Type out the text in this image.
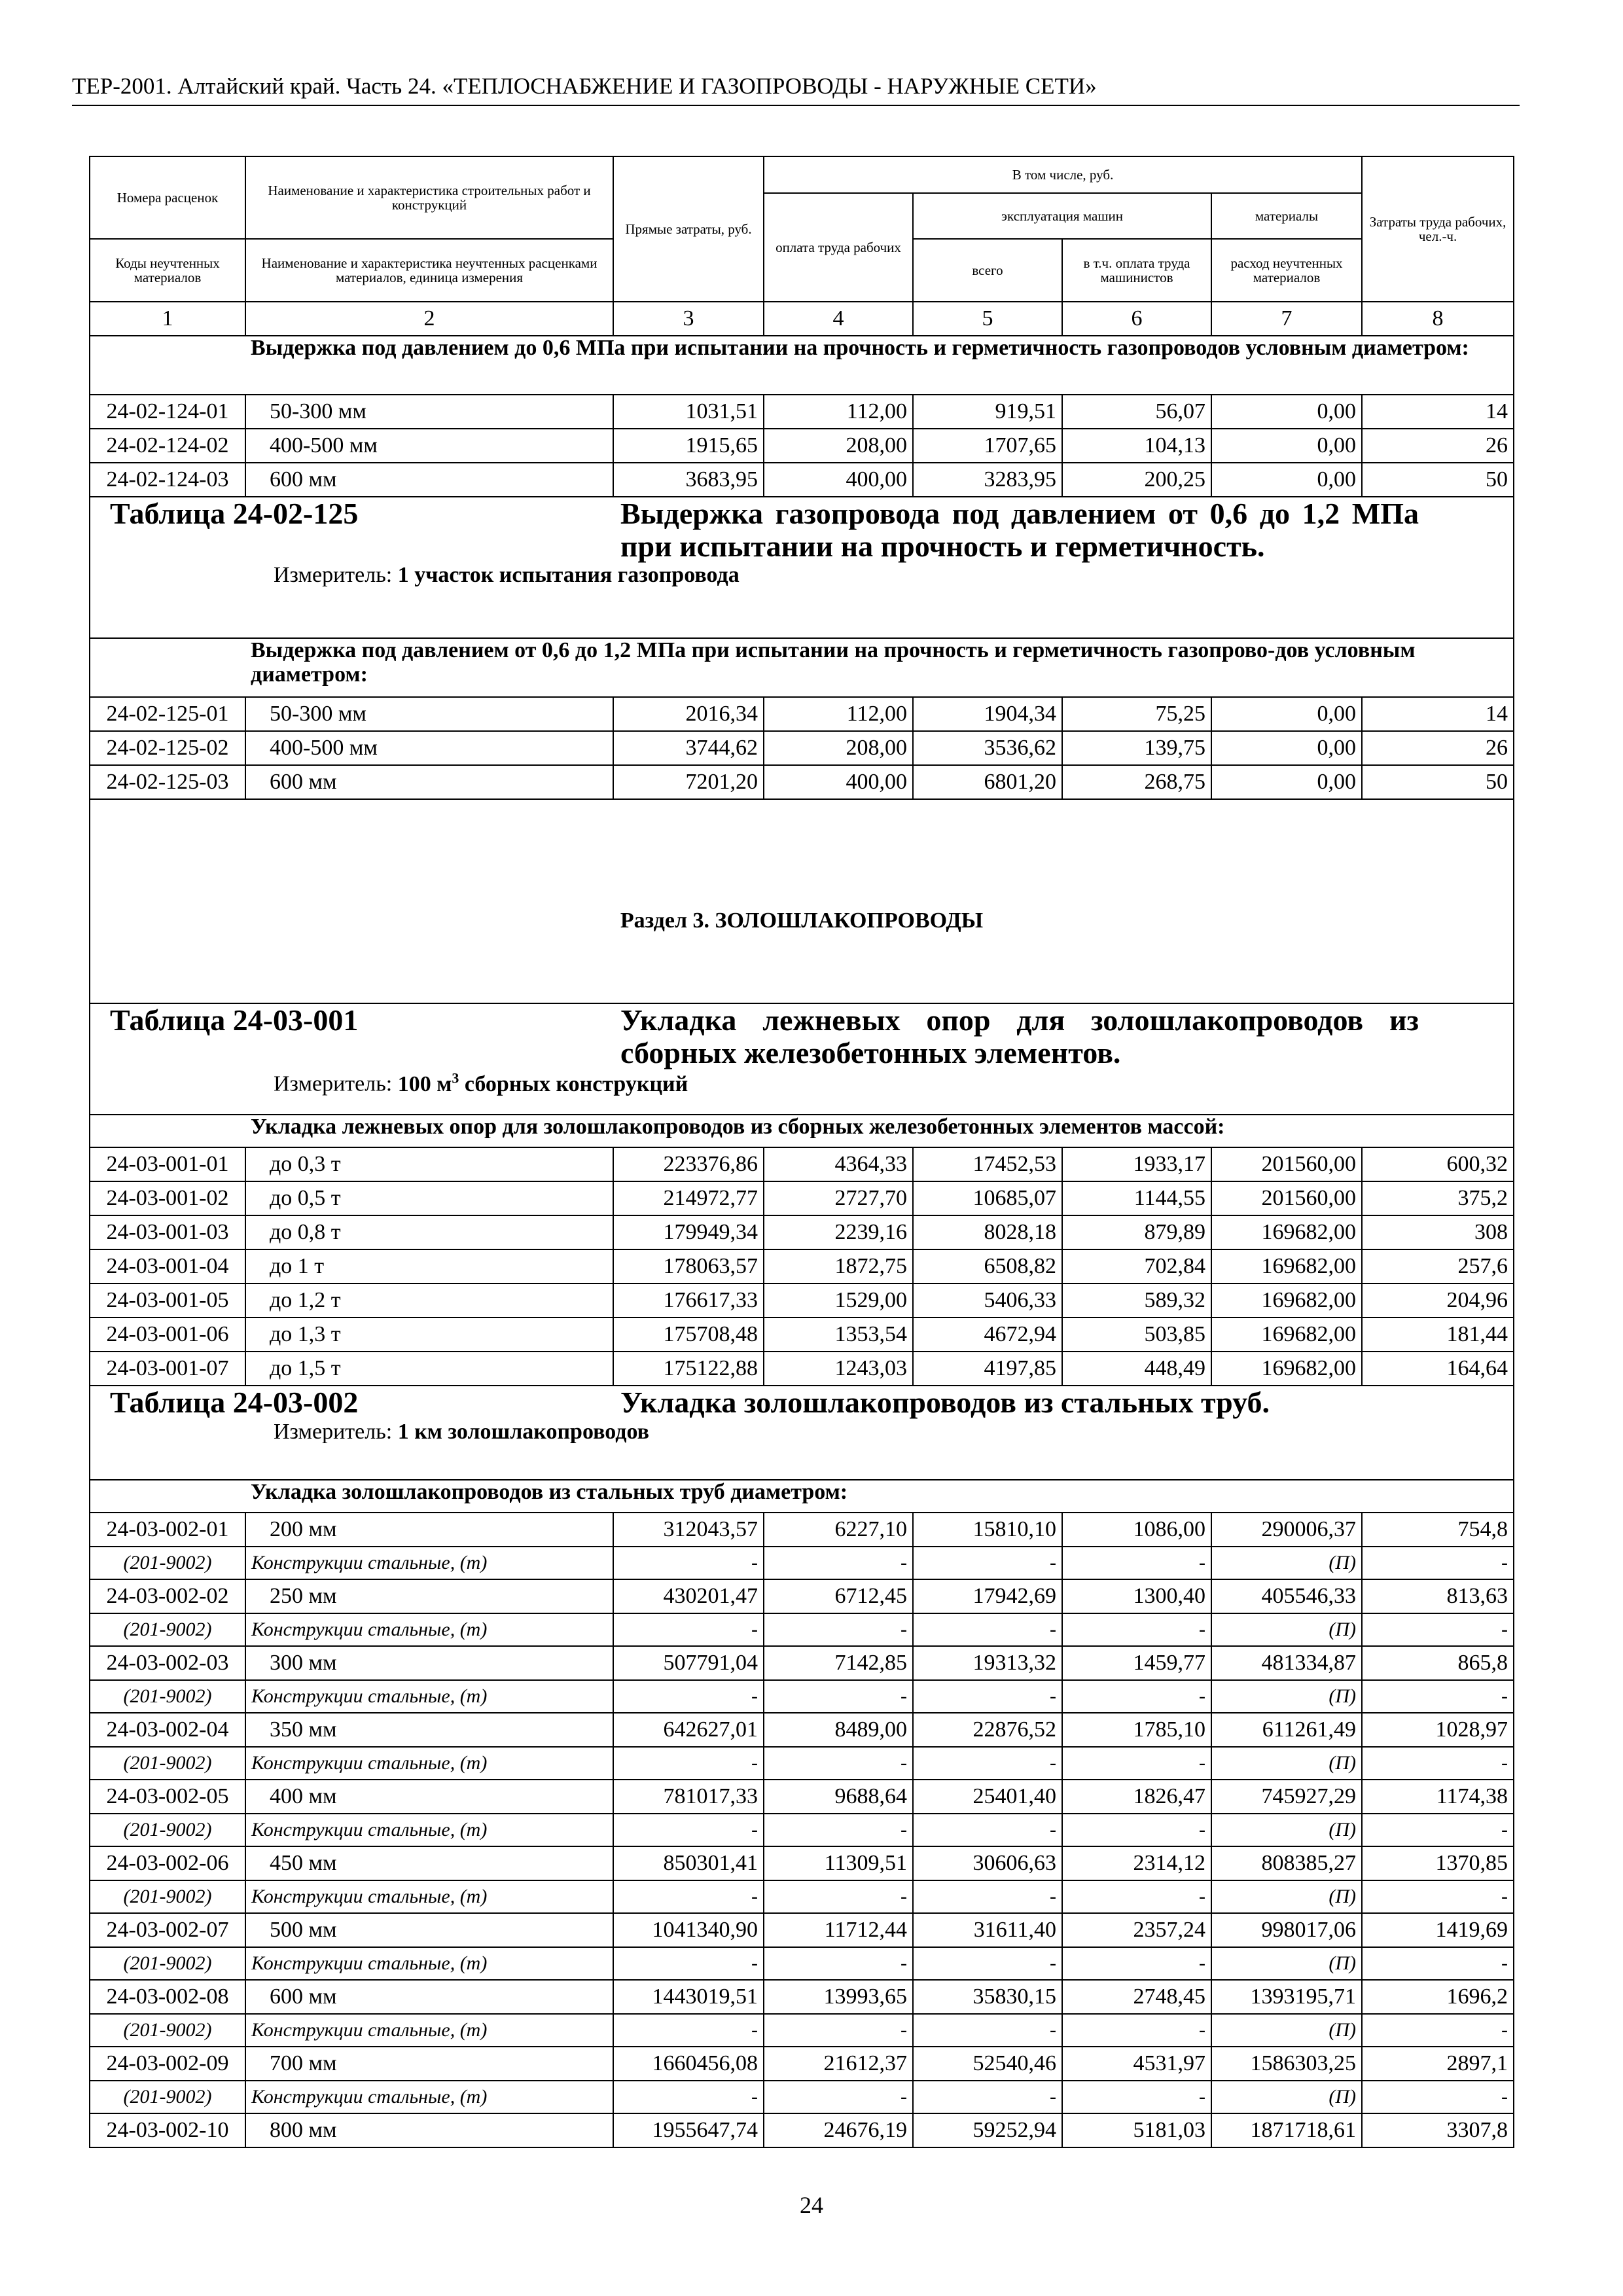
ТЕР-2001. Алтайский край. Часть 24. «ТЕПЛОСНАБЖЕНИЕ И ГАЗОПРОВОДЫ - НАРУЖНЫЕ СЕТИ»
Номера расценок	Наименование и характеристика строительных работ и конструкций	Прямые затраты, руб.	В том числе, руб.				Затраты труда рабочих, чел.-ч.
			оплата труда рабочих	эксплуатация машин		материалы	
Коды неучтенных материалов	Наименование и характеристика неучтенных расценками материалов, единица измерения			всего	в т.ч. оплата труда машинистов	расход неучтенных материалов	
1	2	3	4	5	6	7	8
	Выдержка под давлением до 0,6 МПа при испытании на прочность и герметичность газопроводов условным диаметром:						
24-02-124-01	50-300 мм	1031,51	112,00	919,51	56,07	0,00	14
24-02-124-02	400-500 мм	1915,65	208,00	1707,65	104,13	0,00	26
24-02-124-03	600 мм	3683,95	400,00	3283,95	200,25	0,00	50
Таблица 24-02-125 Выдержка газопровода под давлением от 0,6 до 1,2 МПа при испытании на прочность и герметичность.
Измеритель: 1 участок испытания газопровода							

	Выдержка под давлением от 0,6 до 1,2 МПа при испытании на прочность и герметичность газопрово-дов условным диаметром:						
24-02-125-01	50-300 мм	2016,34	112,00	1904,34	75,25	0,00	14
24-02-125-02	400-500 мм	3744,62	208,00	3536,62	139,75	0,00	26
24-02-125-03	600 мм	7201,20	400,00	6801,20	268,75	0,00	50
Раздел 3. ЗОЛОШЛАКОПРОВОДЫ							
Таблица 24-03-001 Укладка лежневых опор для золошлакопроводов из сборных железобетонных элементов.
Измеритель: 100 $м^3$ сборных конструкций							

	Укладка лежневых опор для золошлакопроводов из сборных железобетонных элементов массой:						
24-03-001-01	до 0,3 т	223376,86	4364,33	17452,53	1933,17	201560,00	600,32
24-03-001-02	до 0,5 т	214972,77	2727,70	10685,07	1144,55	201560,00	375,2
24-03-001-03	до 0,8 т	179949,34	2239,16	8028,18	879,89	169682,00	308
24-03-001-04	до 1 т	178063,57	1872,75	6508,82	702,84	169682,00	257,6
24-03-001-05	до 1,2 т	176617,33	1529,00	5406,33	589,32	169682,00	204,96
24-03-001-06	до 1,3 т	175708,48	1353,54	4672,94	503,85	169682,00	181,44
24-03-001-07	до 1,5 т	175122,88	1243,03	4197,85	448,49	169682,00	164,64
Таблица 24-03-002 Укладка золошлакопроводов из стальных труб.
Измеритель: 1 км золошлакопроводов							

	Укладка золошлакопроводов из стальных труб диаметром:						
24-03-002-01	200 мм	312043,57	6227,10	15810,10	1086,00	290006,37	754,8
(201-9002)	Конструкции стальные, (т)	-	-	-	-	(П)	-
24-03-002-02	250 мм	430201,47	6712,45	17942,69	1300,40	405546,33	813,63
(201-9002)	Конструкции стальные, (т)	-	-	-	-	(П)	-
24-03-002-03	300 мм	507791,04	7142,85	19313,32	1459,77	481334,87	865,8
(201-9002)	Конструкции стальные, (т)	-	-	-	-	(П)	-
24-03-002-04	350 мм	642627,01	8489,00	22876,52	1785,10	611261,49	1028,97
(201-9002)	Конструкции стальные, (т)	-	-	-	-	(П)	-
24-03-002-05	400 мм	781017,33	9688,64	25401,40	1826,47	745927,29	1174,38
(201-9002)	Конструкции стальные, (т)	-	-	-	-	(П)	-
24-03-002-06	450 мм	850301,41	11309,51	30606,63	2314,12	808385,27	1370,85
(201-9002)	Конструкции стальные, (т)	-	-	-	-	(П)	-
24-03-002-07	500 мм	1041340,90	11712,44	31611,40	2357,24	998017,06	1419,69
(201-9002)	Конструкции стальные, (т)	-	-	-	-	(П)	-
24-03-002-08	600 мм	1443019,51	13993,65	35830,15	2748,45	1393195,71	1696,2
(201-9002)	Конструкции стальные, (т)	-	-	-	-	(П)	-
24-03-002-09	700 мм	1660456,08	21612,37	52540,46	4531,97	1586303,25	2897,1
(201-9002)	Конструкции стальные, (т)	-	-	-	-	(П)	-
24-03-002-10	800 мм	1955647,74	24676,19	59252,94	5181,03	1871718,61	3307,8
24
